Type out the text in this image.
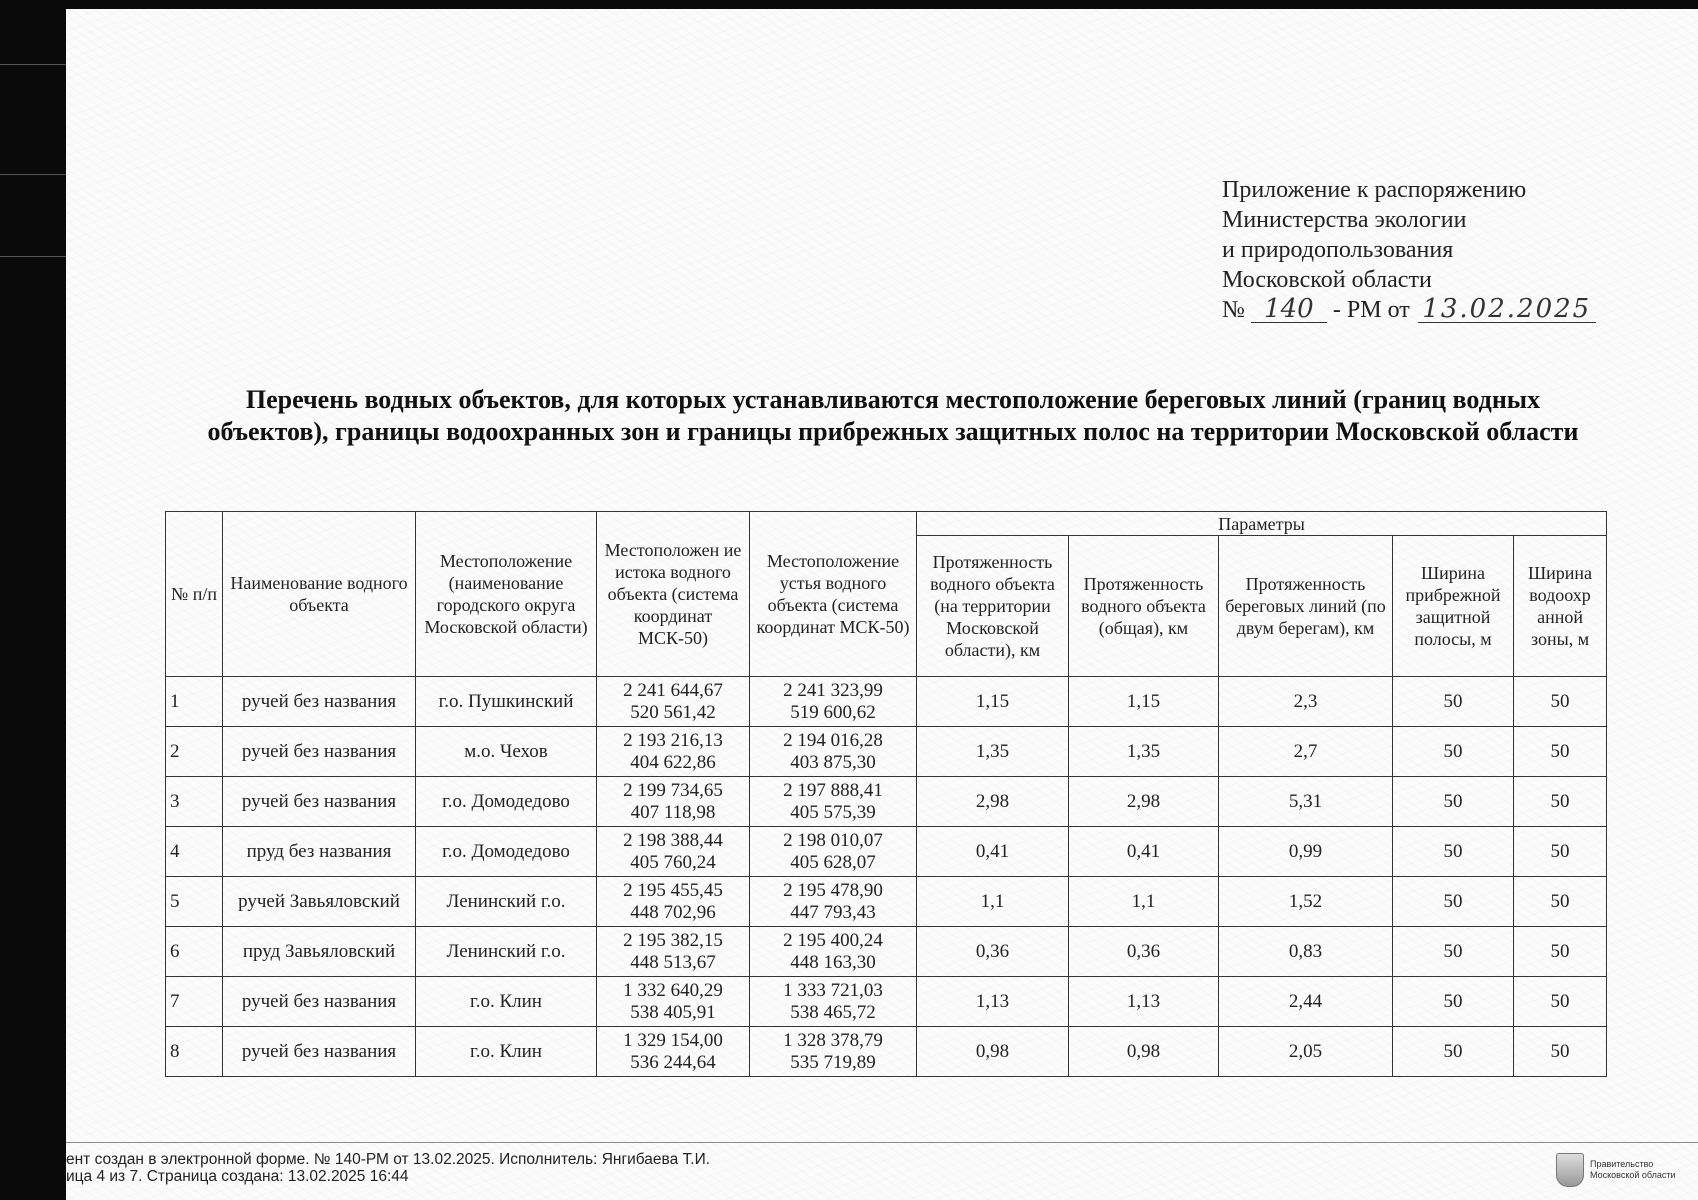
Приложение к распоряжению
Министерства экологии
и природопользования
Московской области
№ 140 - РМ от 13.02.2025
Перечень водных объектов, для которых устанавливаются местоположение береговых линий (границ водных объектов), границы водоохранных зон и границы прибрежных защитных полос на территории Московской области
№ п/п	Наименование водного объекта	Местоположение (наименование городского округа Московской области)	Местоположен ие истока водного объекта (система координат МСК-50)	Местоположение устья водного объекта (система координат МСК-50)	Параметры				
					Протяженность водного объекта (на территории Московской области), км	Протяженность водного объекта (общая), км	Протяженность береговых линий (по двум берегам), км	Ширина прибрежной защитной полосы, м	Ширина водоохр анной зоны, м
1	ручей без названия	г.о. Пушкинский	2 241 644,67
520 561,42	2 241 323,99
519 600,62	1,15	1,15	2,3	50	50
2	ручей без названия	м.о. Чехов	2 193 216,13
404 622,86	2 194 016,28
403 875,30	1,35	1,35	2,7	50	50
3	ручей без названия	г.о. Домодедово	2 199 734,65
407 118,98	2 197 888,41
405 575,39	2,98	2,98	5,31	50	50
4	пруд без названия	г.о. Домодедово	2 198 388,44
405 760,24	2 198 010,07
405 628,07	0,41	0,41	0,99	50	50
5	ручей Завьяловский	Ленинский г.о.	2 195 455,45
448 702,96	2 195 478,90
447 793,43	1,1	1,1	1,52	50	50
6	пруд Завьяловский	Ленинский г.о.	2 195 382,15
448 513,67	2 195 400,24
448 163,30	0,36	0,36	0,83	50	50
7	ручей без названия	г.о. Клин	1 332 640,29
538 405,91	1 333 721,03
538 465,72	1,13	1,13	2,44	50	50
8	ручей без названия	г.о. Клин	1 329 154,00
536 244,64	1 328 378,79
535 719,89	0,98	0,98	2,05	50	50
ент создан в электронной форме. № 140-РМ от 13.02.2025. Исполнитель: Янгибаева Т.И.
ица 4 из 7. Страница создана: 13.02.2025 16:44
Правительство
Московской области
